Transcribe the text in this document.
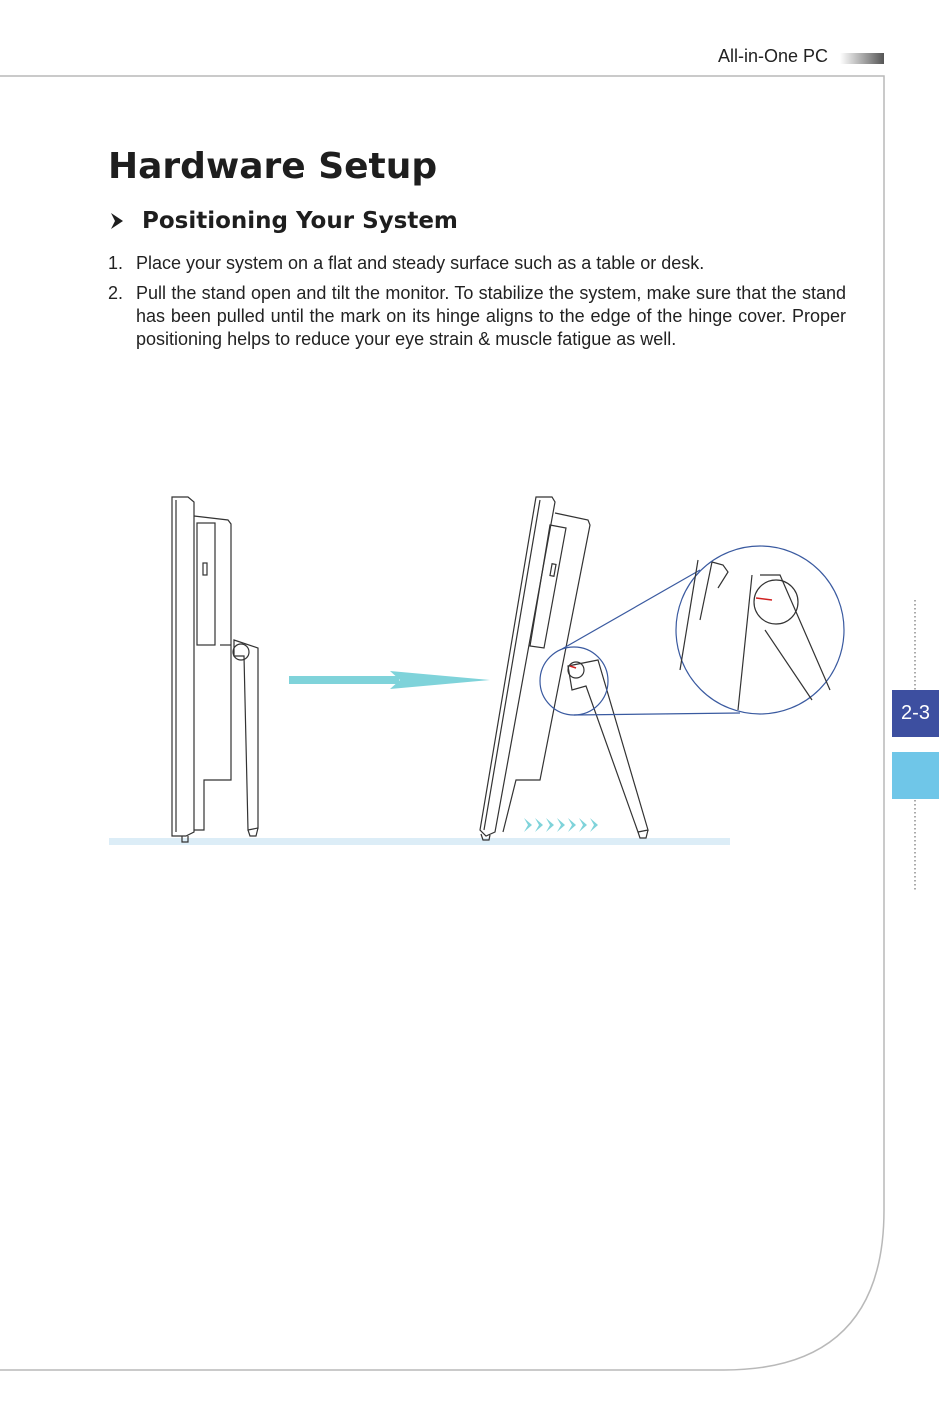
All-in-One PC
Hardware Setup
Positioning Your System
1. Place your system on a flat and steady surface such as a table or desk.
2. Pull the stand open and tilt the monitor. To stabilize the system, make sure that the stand has been pulled until the mark on its hinge aligns to the edge of the hinge cover. Proper positioning helps to reduce your eye strain & muscle fatigue as well.
2-3
